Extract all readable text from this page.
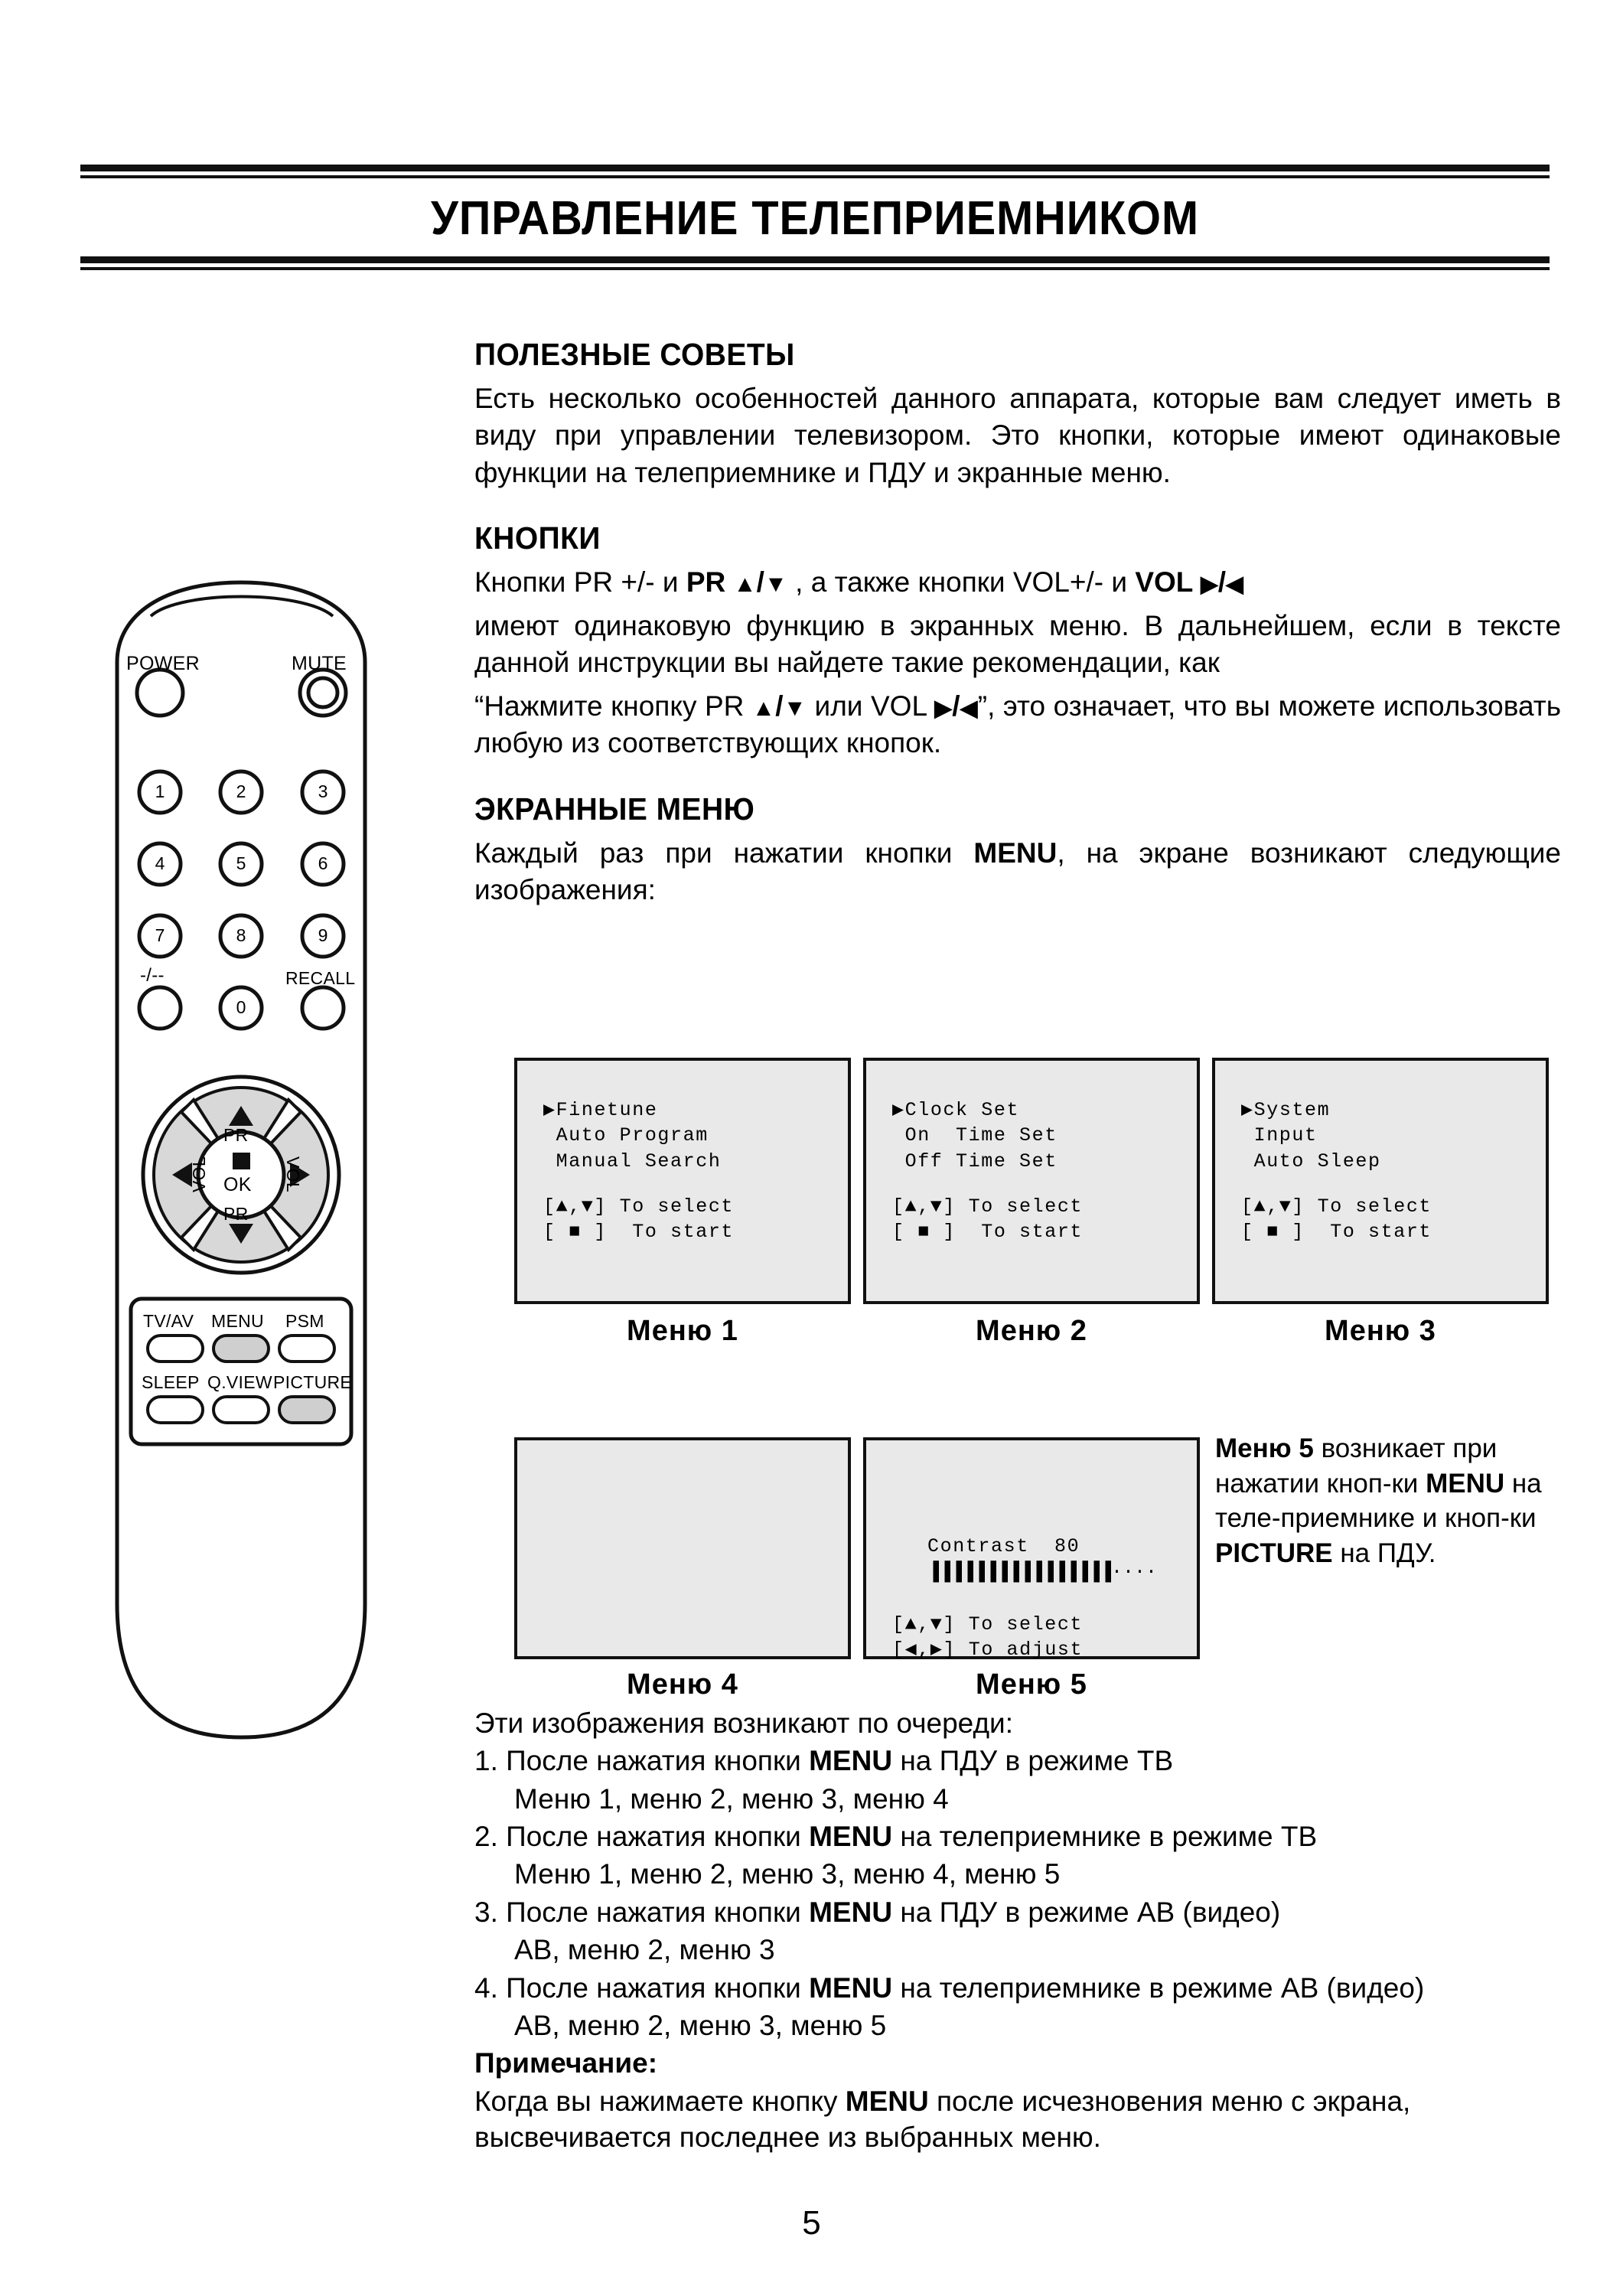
УПРАВЛЕНИЕ ТЕЛЕПРИЕМНИКОМ
POWER	MUTE
1	2	3
4	5	6
7	8	9
0
-/--	RECALL
PR
PR
VOL	VOL
OK
TV/AV MENU PSM
SLEEP Q.VIEW PICTURE
ПОЛЕЗНЫЕ СОВЕТЫ

Есть несколько особенностей данного аппарата, которые вам следует иметь в виду при управлении телевизором. Это кнопки, которые имеют одинаковые функции на телеприемнике и ПДУ и экранные меню.

КНОПКИ

Кнопки PR +/- и PR ▲/ ▼ , а также кнопки VOL+/- и VOL ▶/ ◀

имеют одинаковую функцию в экранных меню. В дальнейшем, если в тексте данной инструкции вы найдете такие рекомендации, как

“Нажмите кнопку PR ▲/ ▼ или VOL ▶/ ◀ ”, это означает, что вы можете использовать любую из соответствующих кнопок.

ЭКРАННЫЕ МЕНЮ

Каждый раз при нажатии кнопки MENU, на экране возникают следующие изображения:

▶Finetune
Auto Program
Manual Search
[▲,▼] To select
[ ■ ]  To start
Меню 1
▶Clock Set
On  Time Set
Off Time Set
[▲,▼] To select
[ ■ ]  To start
Меню 2
▶System
Input
Auto Sleep
[▲,▼] To select
[ ■ ]  To start
Меню 3
Меню 4
Contrast  80
▐▐▐▐▐▐▐▐▐▐▐▐▐▐▐▐····
[▲,▼] To select
[◀,▶] To adjust
Меню 5
Меню 5 возникает при нажатии кноп-ки MENU на теле-приемнике и кноп-ки PICTURE на ПДУ.

Эти изображения возникают по очереди:

1. После нажатия кнопки MENU на ПДУ в режиме ТВ

Меню 1, меню 2, меню 3, меню 4

2. После нажатия кнопки MENU на телеприемнике в режиме ТВ

Меню 1, меню 2, меню 3, меню 4, меню 5

3. После нажатия кнопки MENU на ПДУ в режиме АВ (видео)

АВ, меню 2, меню 3

4. После нажатия кнопки MENU на телеприемнике в режиме АВ (видео)

АВ, меню 2, меню 3, меню 5

Примечание:

Когда вы нажимаете кнопку MENU после исчезновения меню с экрана, высвечивается последнее из выбранных меню.

5
